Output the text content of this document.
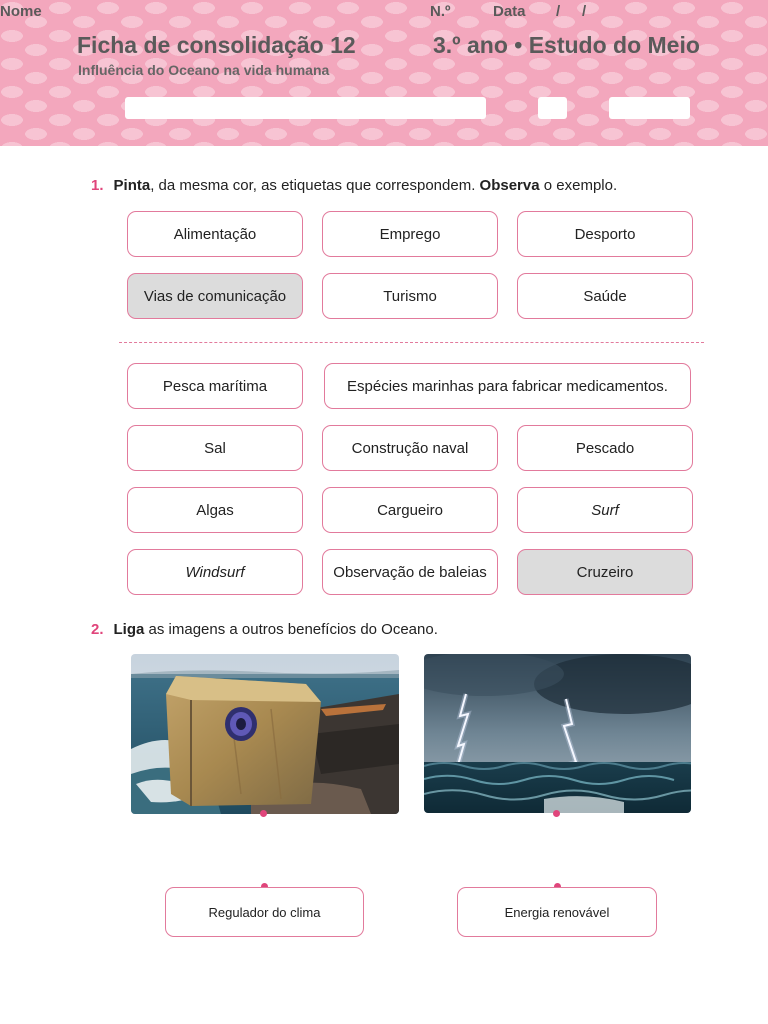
Nome	N.º	Data / /
Ficha de consolidação 12	3.º ano • Estudo do Meio
Influência do Oceano na vida humana
1. Pinta, da mesma cor, as etiquetas que correspondem. Observa o exemplo.
Alimentação	Emprego	Desporto
Vias de comunicação	Turismo	Saúde
Pesca marítima	Espécies marinhas para fabricar medicamentos.
Sal	Construção naval	Pescado
Algas	Cargueiro	Surf
Windsurf	Observação de baleias	Cruzeiro
2. Liga as imagens a outros benefícios do Oceano.
Regulador do clima	Energia renovável
